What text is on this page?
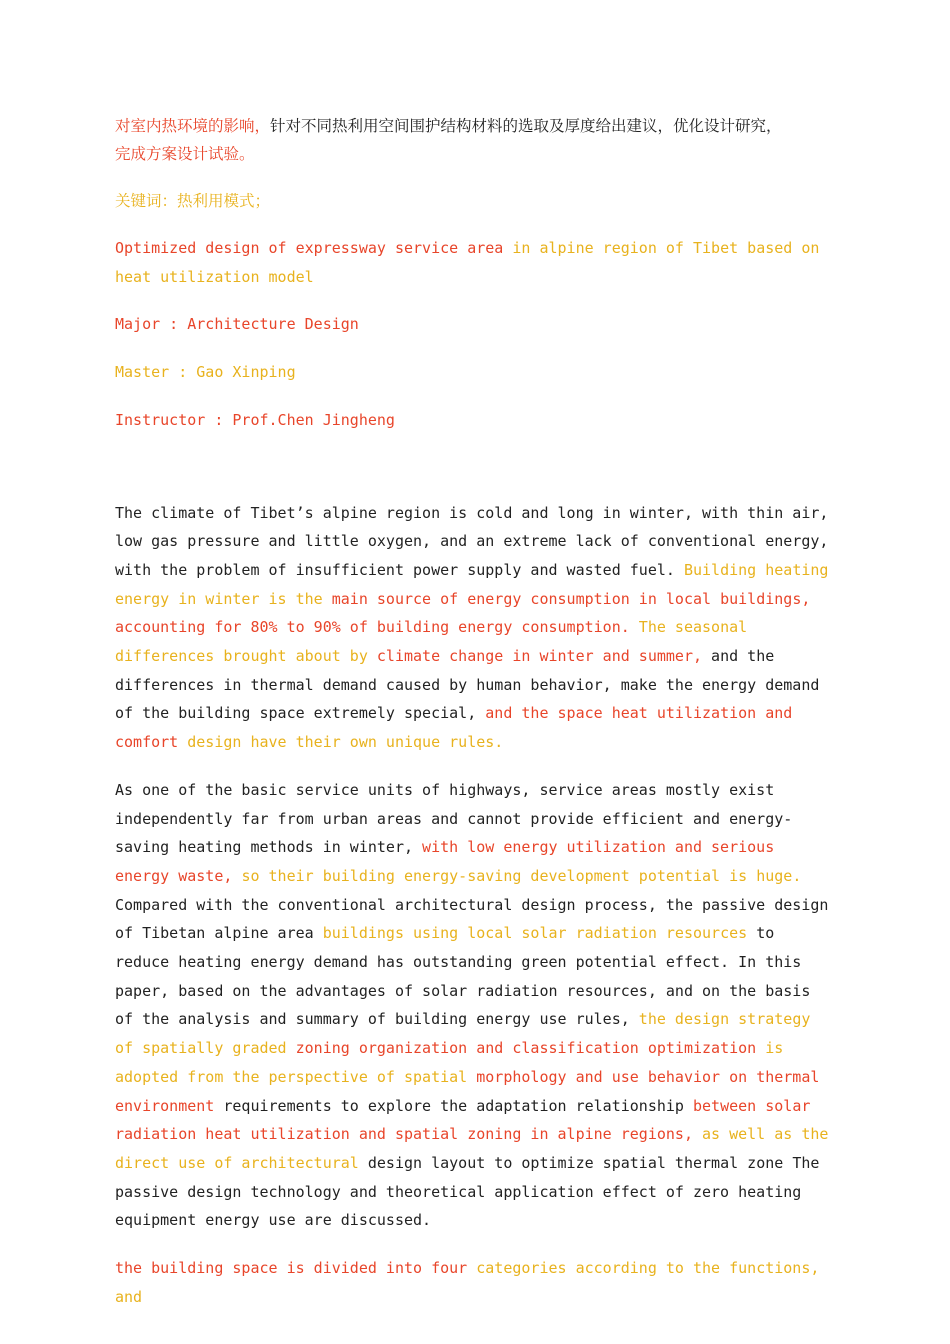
对室内热环境的影响，针对不同热利用空间围护结构材料的选取及厚度给出建议，优化设计研究，
完成方案设计试验。

关键词：热利用模式；

Optimized design of expressway service area in alpine region of Tibet based on heat utilization model

Major : Architecture Design

Master : Gao Xinping

Instructor : Prof.Chen Jingheng

The climate of Tibet’s alpine region is cold and long in winter, with thin air, low gas pressure and little oxygen, and an extreme lack of conventional energy, with the problem of insufficient power supply and wasted fuel. Building heating energy in winter is the main source of energy consumption in local buildings, accounting for 80% to 90% of building energy consumption. The seasonal differences brought about by climate change in winter and summer, and the differences in thermal demand caused by human behavior, make the energy demand of the building space extremely special, and the space heat utilization and comfort design have their own unique rules.

As one of the basic service units of highways, service areas mostly exist independently far from urban areas and cannot provide efficient and energy-saving heating methods in winter, with low energy utilization and serious energy waste, so their building energy-saving development potential is huge. Compared with the conventional architectural design process, the passive design of Tibetan alpine area buildings using local solar radiation resources to reduce heating energy demand has outstanding green potential effect. In this paper, based on the advantages of solar radiation resources, and on the basis of the analysis and summary of building energy use rules, the design strategy of spatially graded zoning organization and classification optimization is adopted from the perspective of spatial morphology and use behavior on thermal environment requirements to explore the adaptation relationship between solar radiation heat utilization and spatial zoning in alpine regions, as well as the direct use of architectural design layout to optimize spatial thermal zone The passive design technology and theoretical application effect of zero heating equipment energy use are discussed.

the building space is divided into four categories according to the functions, and
